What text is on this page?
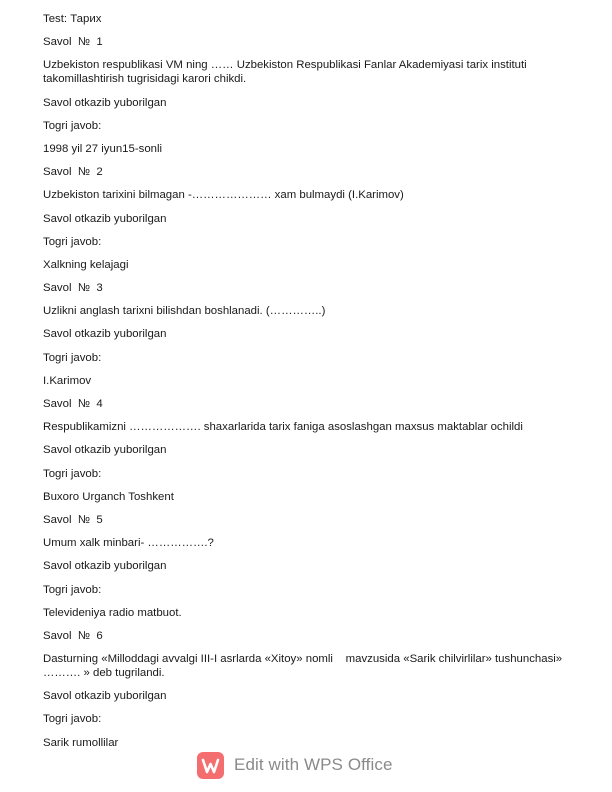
Test: Тарих

Savol  №  1

Uzbekiston respublikasi VM ning …… Uzbekiston Respublikasi Fanlar Akademiyasi tarix instituti takomillashtirish tugrisidagi karori chikdi.

Savol otkazib yuborilgan

Togri javob:

1998 yil 27 iyun15-sonli

Savol  №  2

Uzbekiston tarixini bilmagan -………………… xam bulmaydi (I.Karimov)

Savol otkazib yuborilgan

Togri javob:

Xalkning kelajagi

Savol  №  3

Uzlikni anglash tarixni bilishdan boshlanadi. (…………..)

Savol otkazib yuborilgan

Togri javob:

I.Karimov

Savol  №  4

Respublikamizni ………………. shaxarlarida tarix faniga asoslashgan maxsus maktablar ochildi

Savol otkazib yuborilgan

Togri javob:

Buxoro Urganch Toshkent

Savol  №  5

Umum xalk minbari- …………….?

Savol otkazib yuborilgan

Togri javob:

Televideniya radio matbuot.

Savol  №  6

Dasturning «Milloddagi avvalgi III-I asrlarda «Xitoy» nomli    mavzusida «Sarik chilvirlilar» tushunchasi» ………. » deb tugrilandi.

Savol otkazib yuborilgan

Togri javob:

Sarik rumollilar

Edit with WPS Office
